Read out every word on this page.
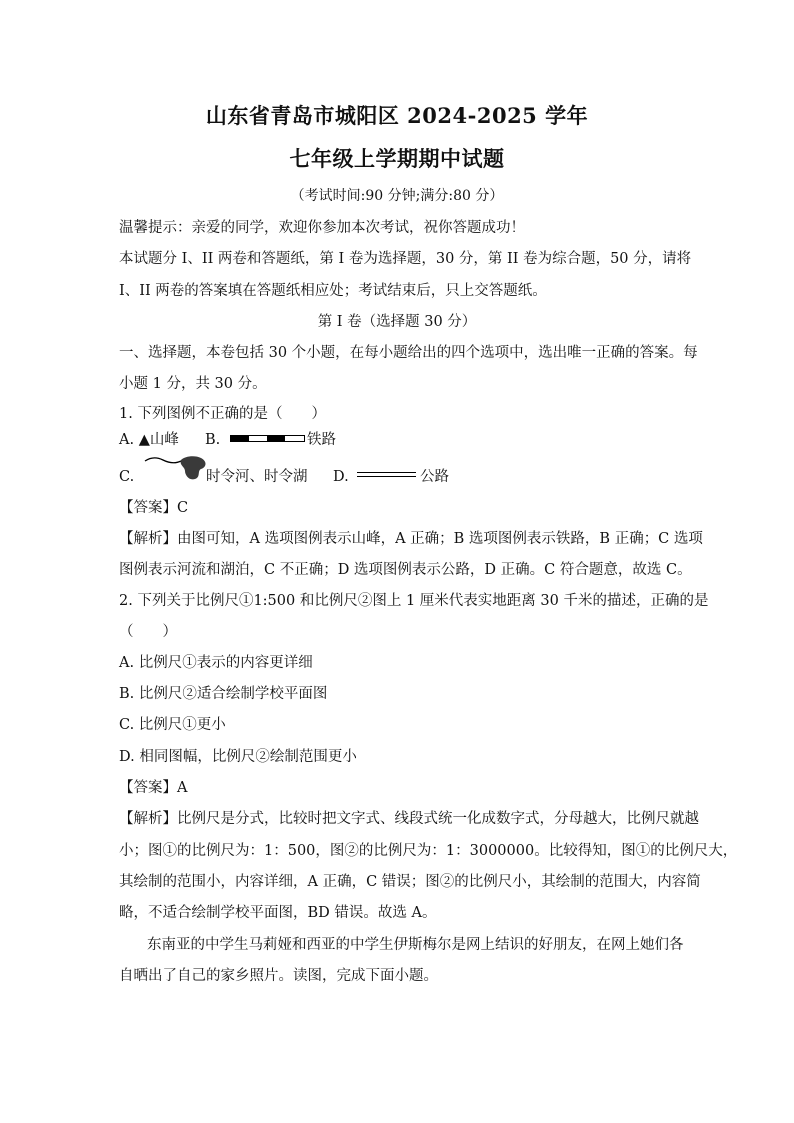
山东省青岛市城阳区 2024-2025 学年
七年级上学期期中试题
（考试时间:90 分钟;满分:80 分）
温馨提示：亲爱的同学，欢迎你参加本次考试，祝你答题成功！
本试题分 I、II 两卷和答题纸，第 I 卷为选择题，30 分，第 II 卷为综合题，50 分，请将
I、II 两卷的答案填在答题纸相应处；考试结束后，只上交答题纸。
第 I 卷（选择题 30 分）
一、选择题，本卷包括 30 个小题，在每小题给出的四个选项中，选出唯一正确的答案。每
小题 1 分，共 30 分。
1. 下列图例不正确的是（　　）
A. ▲山峰 B.	铁路
C.	时令河、时令湖 D.	公路
【答案】C
【解析】由图可知，A 选项图例表示山峰，A 正确；B 选项图例表示铁路，B 正确；C 选项
图例表示河流和湖泊，C 不正确；D 选项图例表示公路，D 正确。C 符合题意，故选 C。
2. 下列关于比例尺①1:500 和比例尺②图上 1 厘米代表实地距离 30 千米的描述，正确的是
（　　）
A. 比例尺①表示的内容更详细
B. 比例尺②适合绘制学校平面图
C. 比例尺①更小
D. 相同图幅，比例尺②绘制范围更小
【答案】A
【解析】比例尺是分式，比较时把文字式、线段式统一化成数字式，分母越大，比例尺就越
小；图①的比例尺为：1：500，图②的比例尺为：1：3000000。比较得知，图①的比例尺大，
其绘制的范围小，内容详细，A 正确，C 错误；图②的比例尺小，其绘制的范围大，内容简
略，不适合绘制学校平面图，BD 错误。故选 A。
东南亚的中学生马莉娅和西亚的中学生伊斯梅尔是网上结识的好朋友，在网上她们各
自晒出了自己的家乡照片。读图，完成下面小题。
